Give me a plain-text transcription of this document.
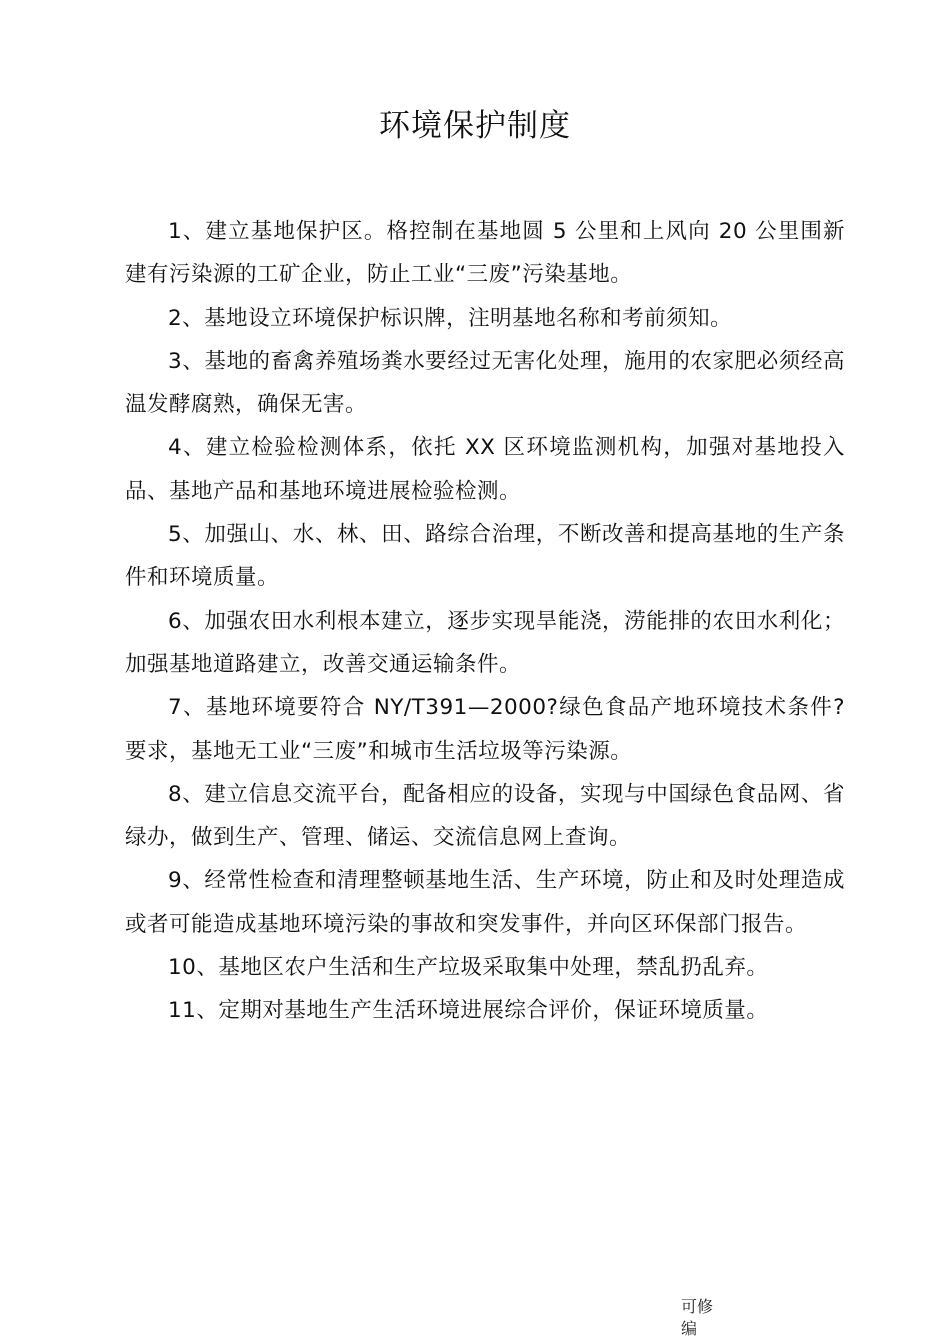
环境保护制度

1、建立基地保护区。格控制在基地圆 5 公里和上风向 20 公里围新建有污染源的工矿企业，防止工业“三废”污染基地。

2、基地设立环境保护标识牌，注明基地名称和考前须知。

3、基地的畜禽养殖场粪水要经过无害化处理，施用的农家肥必须经高温发酵腐熟，确保无害。

4、建立检验检测体系，依托 XX 区环境监测机构，加强对基地投入品、基地产品和基地环境进展检验检测。

5、加强山、水、林、田、路综合治理，不断改善和提高基地的生产条件和环境质量。

6、加强农田水利根本建立，逐步实现旱能浇，涝能排的农田水利化；加强基地道路建立，改善交通运输条件。

7、基地环境要符合 NY/T391—2000?绿色食品产地环境技术条件?要求，基地无工业“三废”和城市生活垃圾等污染源。

8、建立信息交流平台，配备相应的设备，实现与中国绿色食品网、省绿办，做到生产、管理、储运、交流信息网上查询。

9、经常性检查和清理整顿基地生活、生产环境，防止和及时处理造成或者可能造成基地环境污染的事故和突发事件，并向区环保部门报告。

10、基地区农户生活和生产垃圾采取集中处理，禁乱扔乱弃。

11、定期对基地生产生活环境进展综合评价，保证环境质量。

可修编
